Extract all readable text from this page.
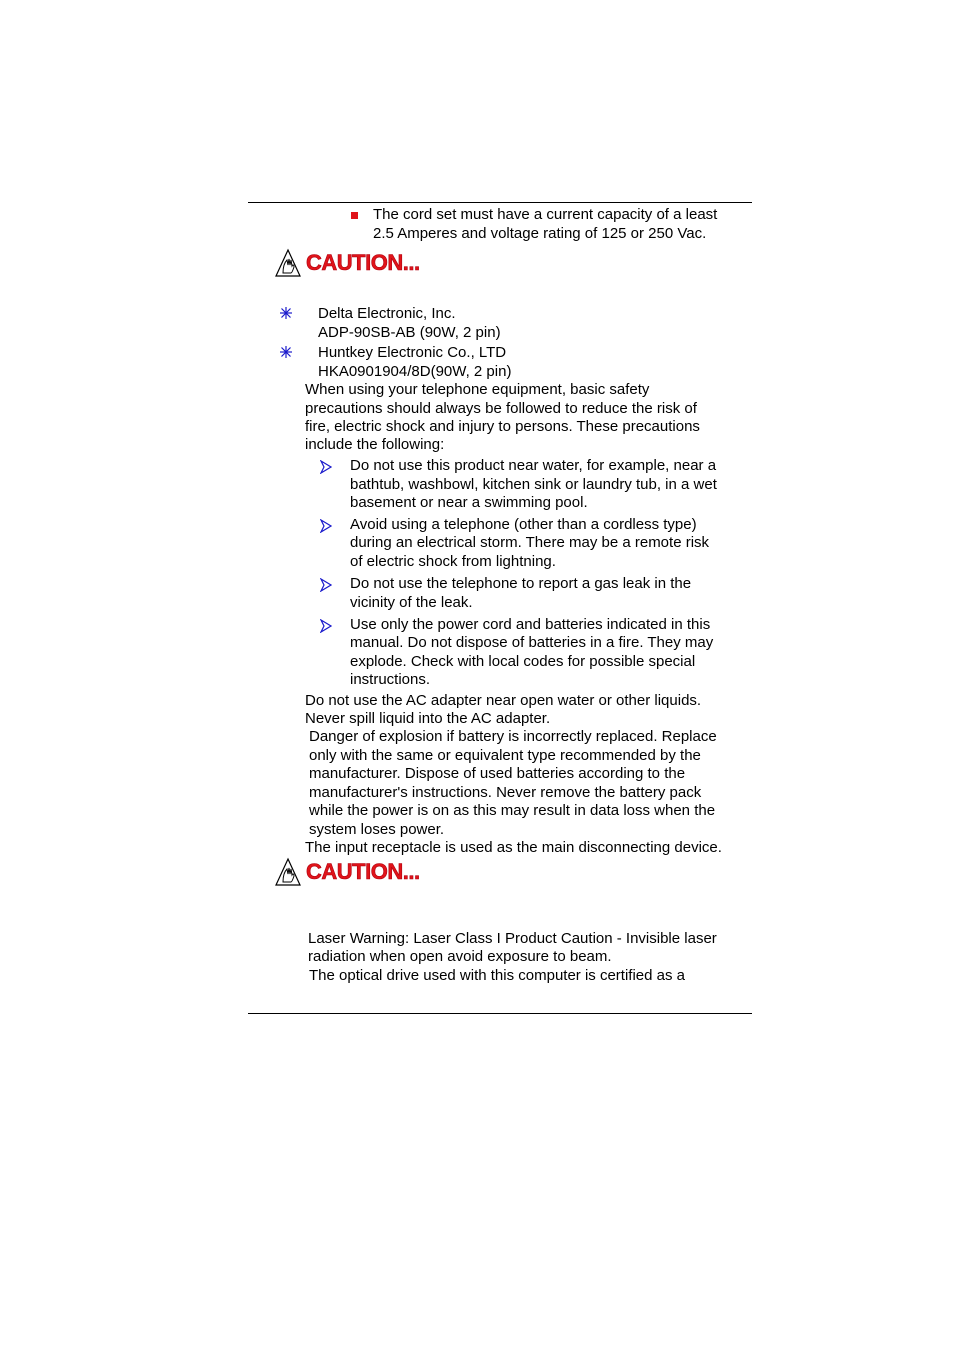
The cord set must have a current capacity of a least
2.5 Amperes and voltage rating of 125 or 250 Vac.
CAUTION...
Delta Electronic, Inc.
ADP-90SB-AB (90W, 2 pin)
Huntkey Electronic Co., LTD
HKA0901904/8D(90W, 2 pin)
When using your telephone equipment, basic safety
precautions should always be followed to reduce the risk of
fire, electric shock and injury to persons. These precautions
include the following:
Do not use this product near water, for example, near a
bathtub, washbowl, kitchen sink or laundry tub, in a wet
basement or near a swimming pool.
Avoid using a telephone (other than a cordless type)
during an electrical storm. There may be a remote risk
of electric shock from lightning.
Do not use the telephone to report a gas leak in the
vicinity of the leak.
Use only the power cord and batteries indicated in this
manual. Do not dispose of batteries in a fire. They may
explode. Check with local codes for possible special
instructions.
Do not use the AC adapter near open water or other liquids.
Never spill liquid into the AC adapter.
Danger of explosion if battery is incorrectly replaced. Replace
only with the same or equivalent type recommended by the
manufacturer. Dispose of used batteries according to the
manufacturer's instructions. Never remove the battery pack
while the power is on as this may result in data loss when the
system loses power.
The input receptacle is used as the main disconnecting device.
CAUTION...
Laser Warning: Laser Class I Product Caution - Invisible laser
radiation when open avoid exposure to beam.
The optical drive used with this computer is certified as a
